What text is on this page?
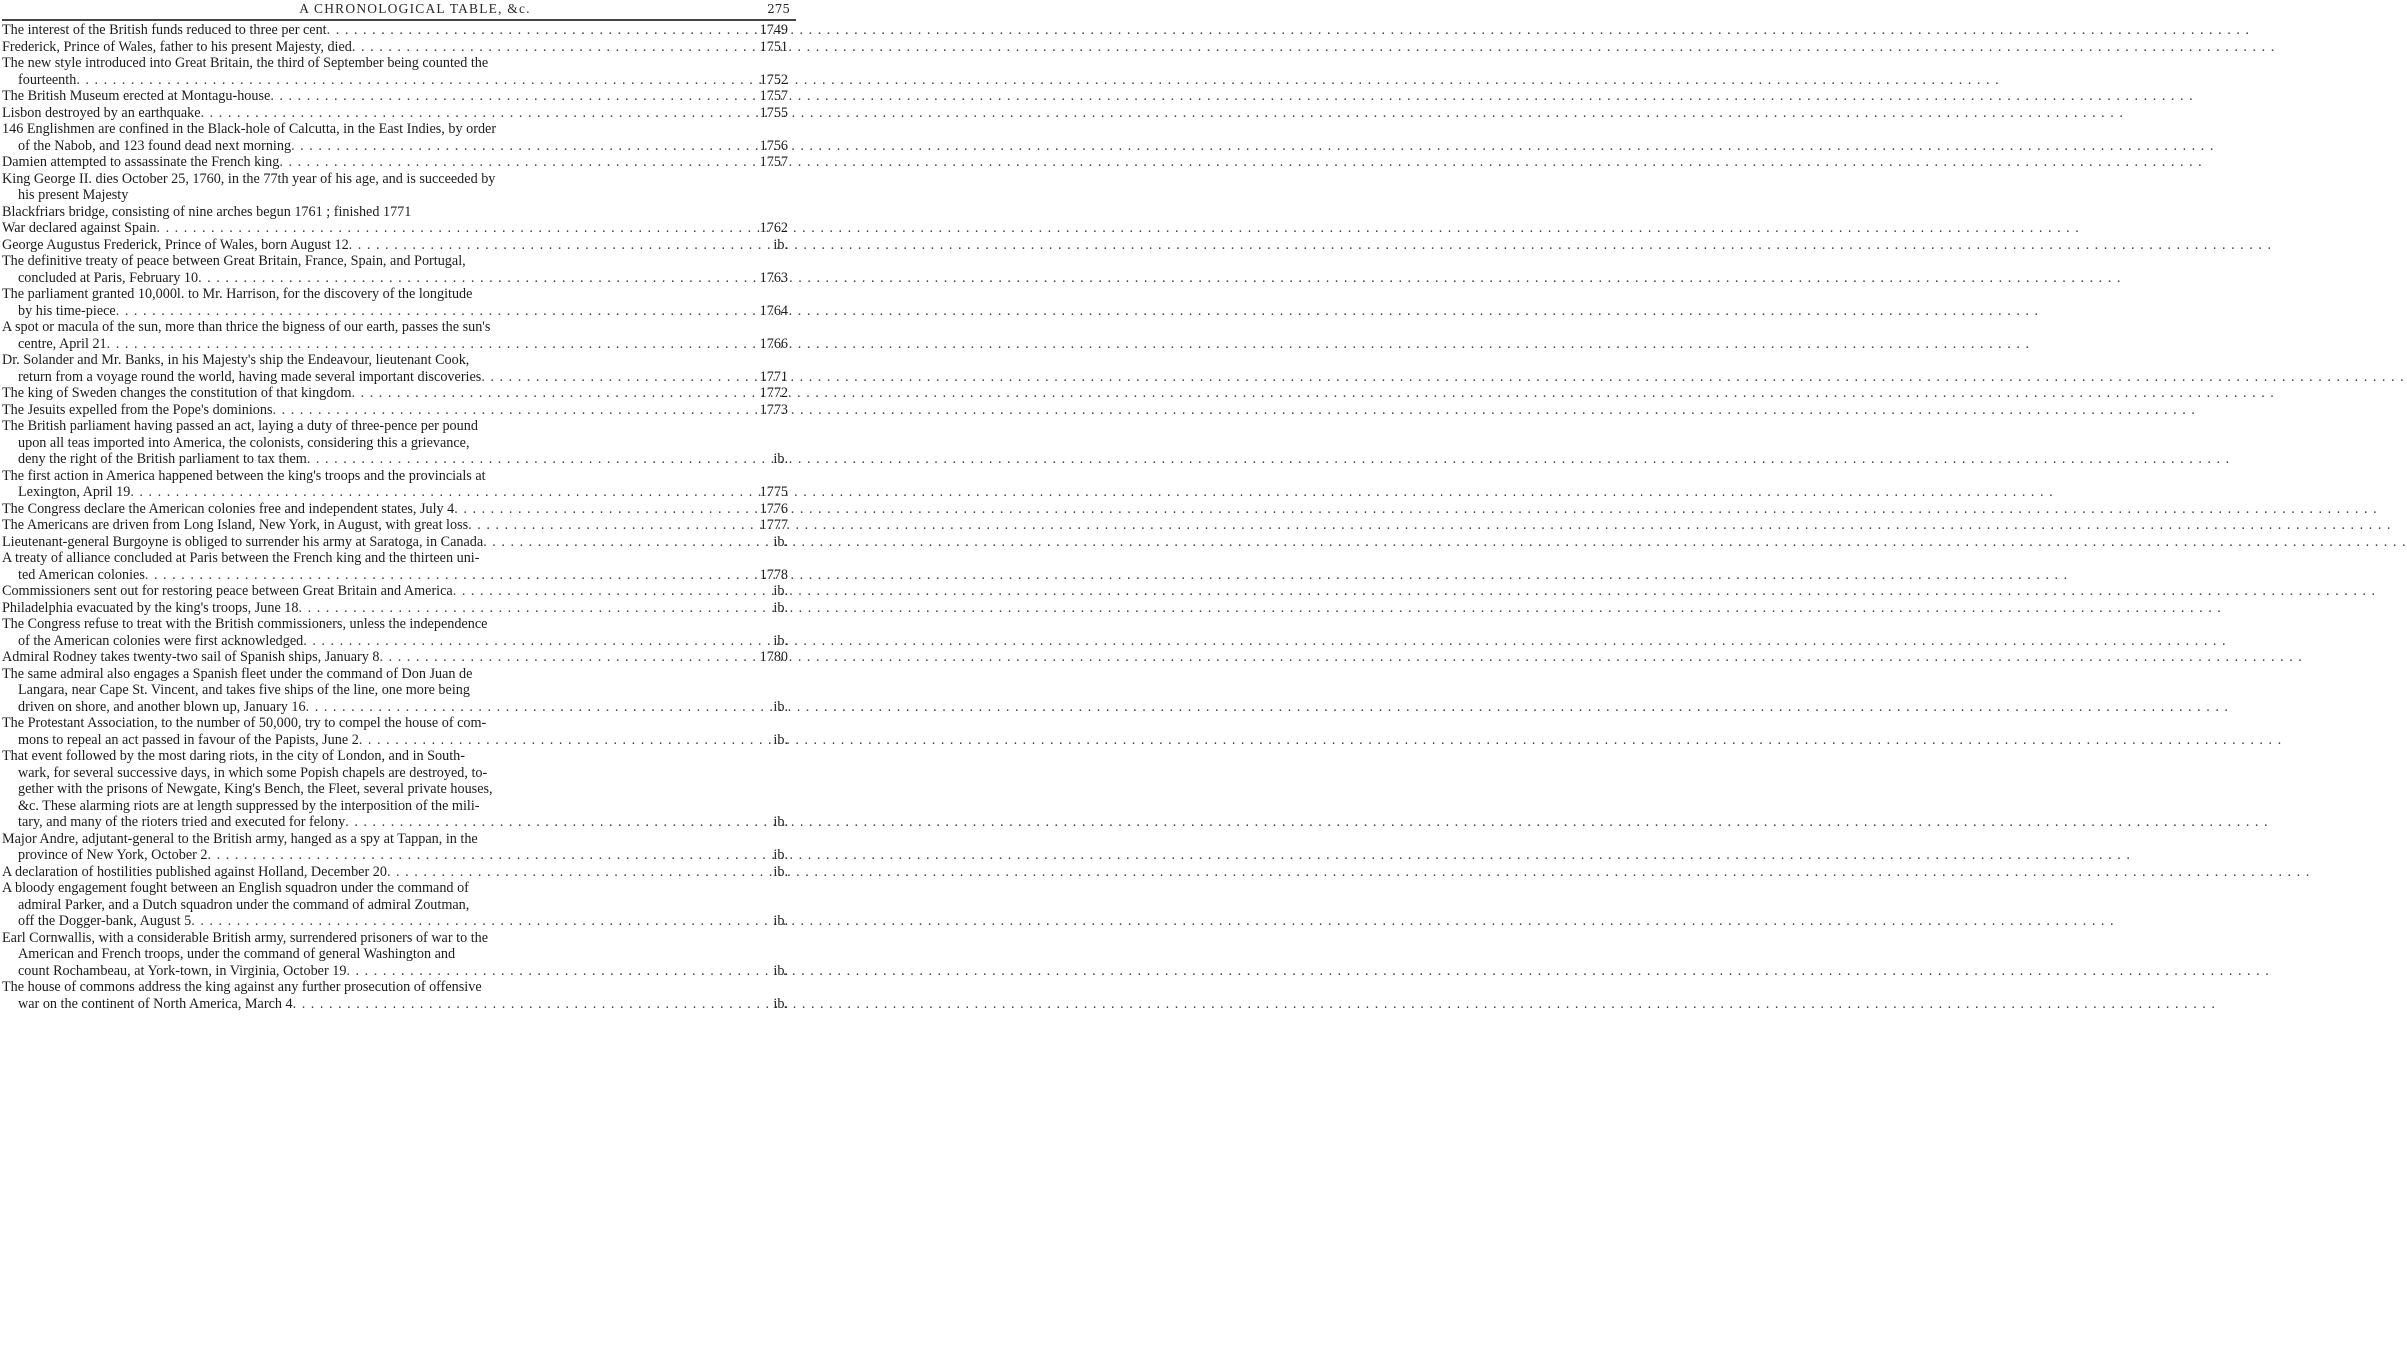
A CHRONOLOGICAL TABLE, &c.	275
The interest of the British funds reduced to three per cent . . .	1749
Frederick, Prince of Wales, father to his present Majesty, died . . .	1751
The new style introduced into Great Britain, the third of September being counted the
fourteenth . . .	1752
The British Museum erected at Montagu-house . . .	1757
Lisbon destroyed by an earthquake . . .	1755
146 Englishmen are confined in the Black-hole of Calcutta, in the East Indies, by order
of the Nabob, and 123 found dead next morning . . .	1756
Damien attempted to assassinate the French king . . .	1757
King George II. dies October 25, 1760, in the 77th year of his age, and is succeeded by
his present Majesty
Blackfriars bridge, consisting of nine arches begun 1761 ; finished 1771
War declared against Spain . . .	1762
George Augustus Frederick, Prince of Wales, born August 12 . . .	ib.
The definitive treaty of peace between Great Britain, France, Spain, and Portugal,
concluded at Paris, February 10 . . .	1763
The parliament granted 10,000l. to Mr. Harrison, for the discovery of the longitude
by his time-piece . . .	1764
A spot or macula of the sun, more than thrice the bigness of our earth, passes the sun's
centre, April 21 . . .	1766
Dr. Solander and Mr. Banks, in his Majesty's ship the Endeavour, lieutenant Cook,
return from a voyage round the world, having made several important discoveries . . .	1771
The king of Sweden changes the constitution of that kingdom . . .	1772
The Jesuits expelled from the Pope's dominions . . .	1773
The British parliament having passed an act, laying a duty of three-pence per pound
upon all teas imported into America, the colonists, considering this a grievance,
deny the right of the British parliament to tax them . . .	ib.
The first action in America happened between the king's troops and the provincials at
Lexington, April 19 . . .	1775
The Congress declare the American colonies free and independent states, July 4 . . .	1776
The Americans are driven from Long Island, New York, in August, with great loss . . .	1777
Lieutenant-general Burgoyne is obliged to surrender his army at Saratoga, in Canada . . .	ib.
A treaty of alliance concluded at Paris between the French king and the thirteen uni-
ted American colonies . . .	1778
Commissioners sent out for restoring peace between Great Britain and America . . .	ib.
Philadelphia evacuated by the king's troops, June 18 . . .	ib.
The Congress refuse to treat with the British commissioners, unless the independence
of the American colonies were first acknowledged . . .	ib.
Admiral Rodney takes twenty-two sail of Spanish ships, January 8 . . .	1780
The same admiral also engages a Spanish fleet under the command of Don Juan de
Langara, near Cape St. Vincent, and takes five ships of the line, one more being
driven on shore, and another blown up, January 16 . . .	ib.
The Protestant Association, to the number of 50,000, try to compel the house of com-
mons to repeal an act passed in favour of the Papists, June 2 . . .	ib.
That event followed by the most daring riots, in the city of London, and in South-
wark, for several successive days, in which some Popish chapels are destroyed, to-
gether with the prisons of Newgate, King's Bench, the Fleet, several private houses,
&c. These alarming riots are at length suppressed by the interposition of the mili-
tary, and many of the rioters tried and executed for felony . . .	ib.
Major Andre, adjutant-general to the British army, hanged as a spy at Tappan, in the
province of New York, October 2 . . .	ib.
A declaration of hostilities published against Holland, December 20 . . .	ib.
A bloody engagement fought between an English squadron under the command of
admiral Parker, and a Dutch squadron under the command of admiral Zoutman,
off the Dogger-bank, August 5 . . .	ib.
Earl Cornwallis, with a considerable British army, surrendered prisoners of war to the
American and French troops, under the command of general Washington and
count Rochambeau, at York-town, in Virginia, October 19 . . .	ib.
The house of commons address the king against any further prosecution of offensive
war on the continent of North America, March 4 . . .	ib.
